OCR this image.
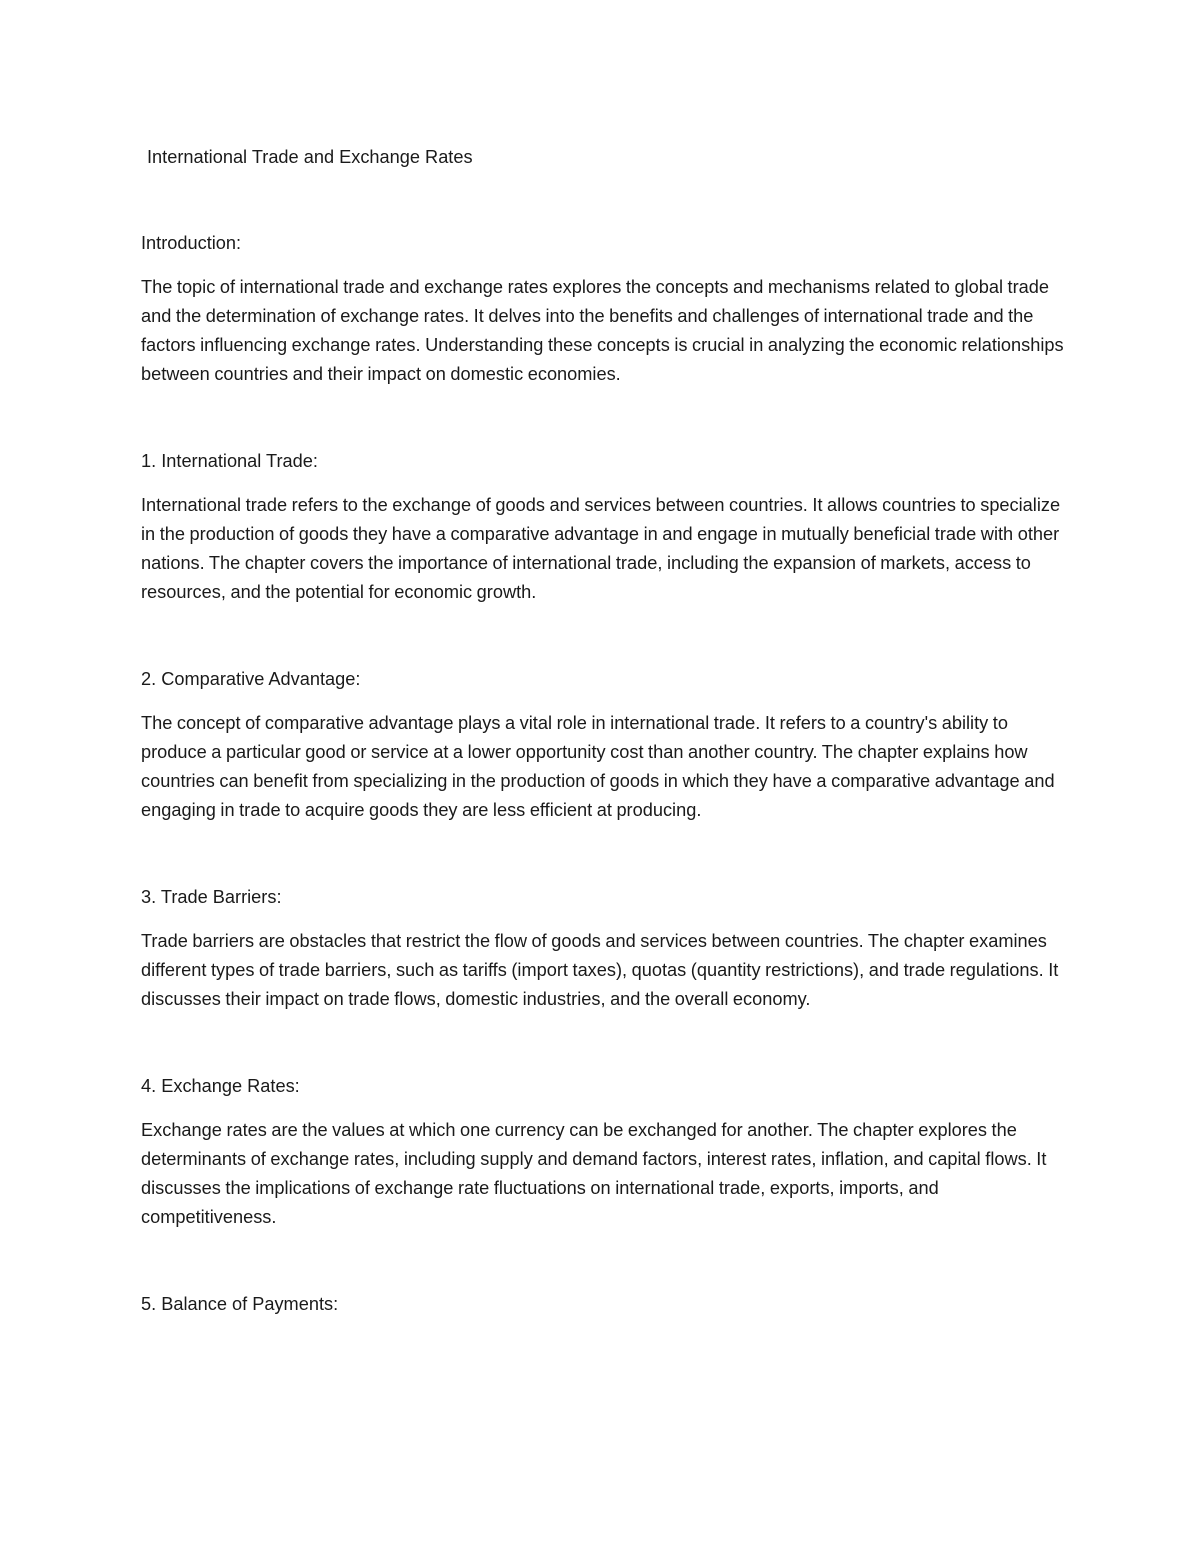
International Trade and Exchange Rates
Introduction:

The topic of international trade and exchange rates explores the concepts and mechanisms related to global trade and the determination of exchange rates. It delves into the benefits and challenges of international trade and the factors influencing exchange rates. Understanding these concepts is crucial in analyzing the economic relationships between countries and their impact on domestic economies.

1. International Trade:

International trade refers to the exchange of goods and services between countries. It allows countries to specialize in the production of goods they have a comparative advantage in and engage in mutually beneficial trade with other nations. The chapter covers the importance of international trade, including the expansion of markets, access to resources, and the potential for economic growth.

2. Comparative Advantage:

The concept of comparative advantage plays a vital role in international trade. It refers to a country's ability to produce a particular good or service at a lower opportunity cost than another country. The chapter explains how countries can benefit from specializing in the production of goods in which they have a comparative advantage and engaging in trade to acquire goods they are less efficient at producing.

3. Trade Barriers:

Trade barriers are obstacles that restrict the flow of goods and services between countries. The chapter examines different types of trade barriers, such as tariffs (import taxes), quotas (quantity restrictions), and trade regulations. It discusses their impact on trade flows, domestic industries, and the overall economy.

4. Exchange Rates:

Exchange rates are the values at which one currency can be exchanged for another. The chapter explores the determinants of exchange rates, including supply and demand factors, interest rates, inflation, and capital flows. It discusses the implications of exchange rate fluctuations on international trade, exports, imports, and competitiveness.

5. Balance of Payments:
